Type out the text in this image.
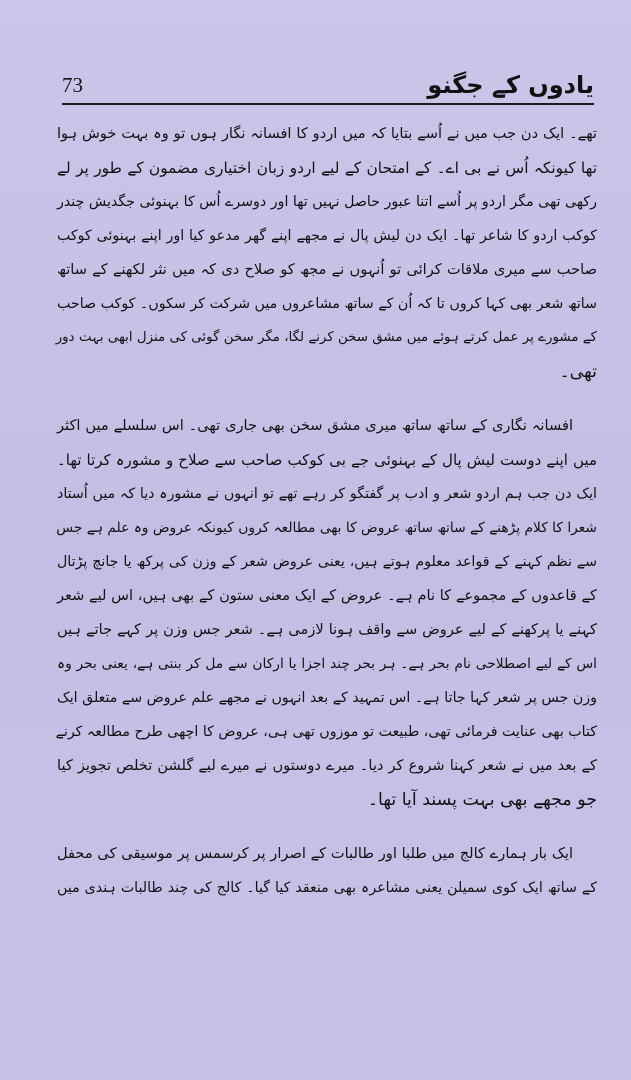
73	یادوں کے جگنو
تھے۔ ایک دن جب میں نے اُسے بتایا کہ میں اردو کا افسانہ نگار ہوں تو وہ بہت خوش ہوا
تھا کیونکہ اُس نے بی اے۔ کے امتحان کے لیے اردو زبان اختیاری مضمون کے طور پر لے
رکھی تھی مگر اردو پر اُسے اتنا عبور حاصل نہیں تھا اور دوسرے اُس کا بہنوئی جگدیش چندر
کوکب اردو کا شاعر تھا۔ ایک دن لیش پال نے مجھے اپنے گھر مدعو کیا اور اپنے بہنوئی کوکب
صاحب سے میری ملاقات کرائی تو اُنہوں نے مجھ کو صلاح دی کہ میں نثر لکھنے کے ساتھ
ساتھ شعر بھی کہا کروں تا کہ اُن کے ساتھ مشاعروں میں شرکت کر سکوں۔ کوکب صاحب
کے مشورے پر عمل کرتے ہوئے میں مشق سخن کرنے لگا، مگر سخن گوئی کی منزل ابھی بہت دور
تھی۔
افسانہ نگاری کے ساتھ ساتھ میری مشق سخن بھی جاری تھی۔ اس سلسلے میں اکثر
میں اپنے دوست لیش پال کے بہنوئی جے بی کوکب صاحب سے صلاح و مشورہ کرتا تھا۔
ایک دن جب ہم اردو شعر و ادب پر گفتگو کر رہے تھے تو انہوں نے مشورہ دیا کہ میں اُستاد
شعرا کا کلام پڑھنے کے ساتھ ساتھ عروض کا بھی مطالعہ کروں کیونکہ عروض وہ علم ہے جس
سے نظم کہنے کے قواعد معلوم ہوتے ہیں، یعنی عروض شعر کے وزن کی پرکھ یا جانچ پڑتال
کے قاعدوں کے مجموعے کا نام ہے۔ عروض کے ایک معنی ستون کے بھی ہیں، اس لیے شعر
کہنے یا پرکھنے کے لیے عروض سے واقف ہونا لازمی ہے۔ شعر جس وزن پر کہے جاتے ہیں
اس کے لیے اصطلاحی نام بحر ہے۔ ہر بحر چند اجزا یا ارکان سے مل کر بنتی ہے، یعنی بحر وہ
وزن جس پر شعر کہا جاتا ہے۔ اس تمہید کے بعد انہوں نے مجھے علم عروض سے متعلق ایک
کتاب بھی عنایت فرمائی تھی، طبیعت تو موزوں تھی ہی، عروض کا اچھی طرح مطالعہ کرنے
کے بعد میں نے شعر کہنا شروع کر دیا۔ میرے دوستوں نے میرے لیے گلشن تخلص تجویز کیا
جو مجھے بھی بہت پسند آیا تھا۔
ایک بار ہمارے کالج میں طلبا اور طالبات کے اصرار پر کرسمس پر موسیقی کی محفل
کے ساتھ ایک کوی سمیلن یعنی مشاعرہ بھی منعقد کیا گیا۔ کالج کی چند طالبات ہندی میں
